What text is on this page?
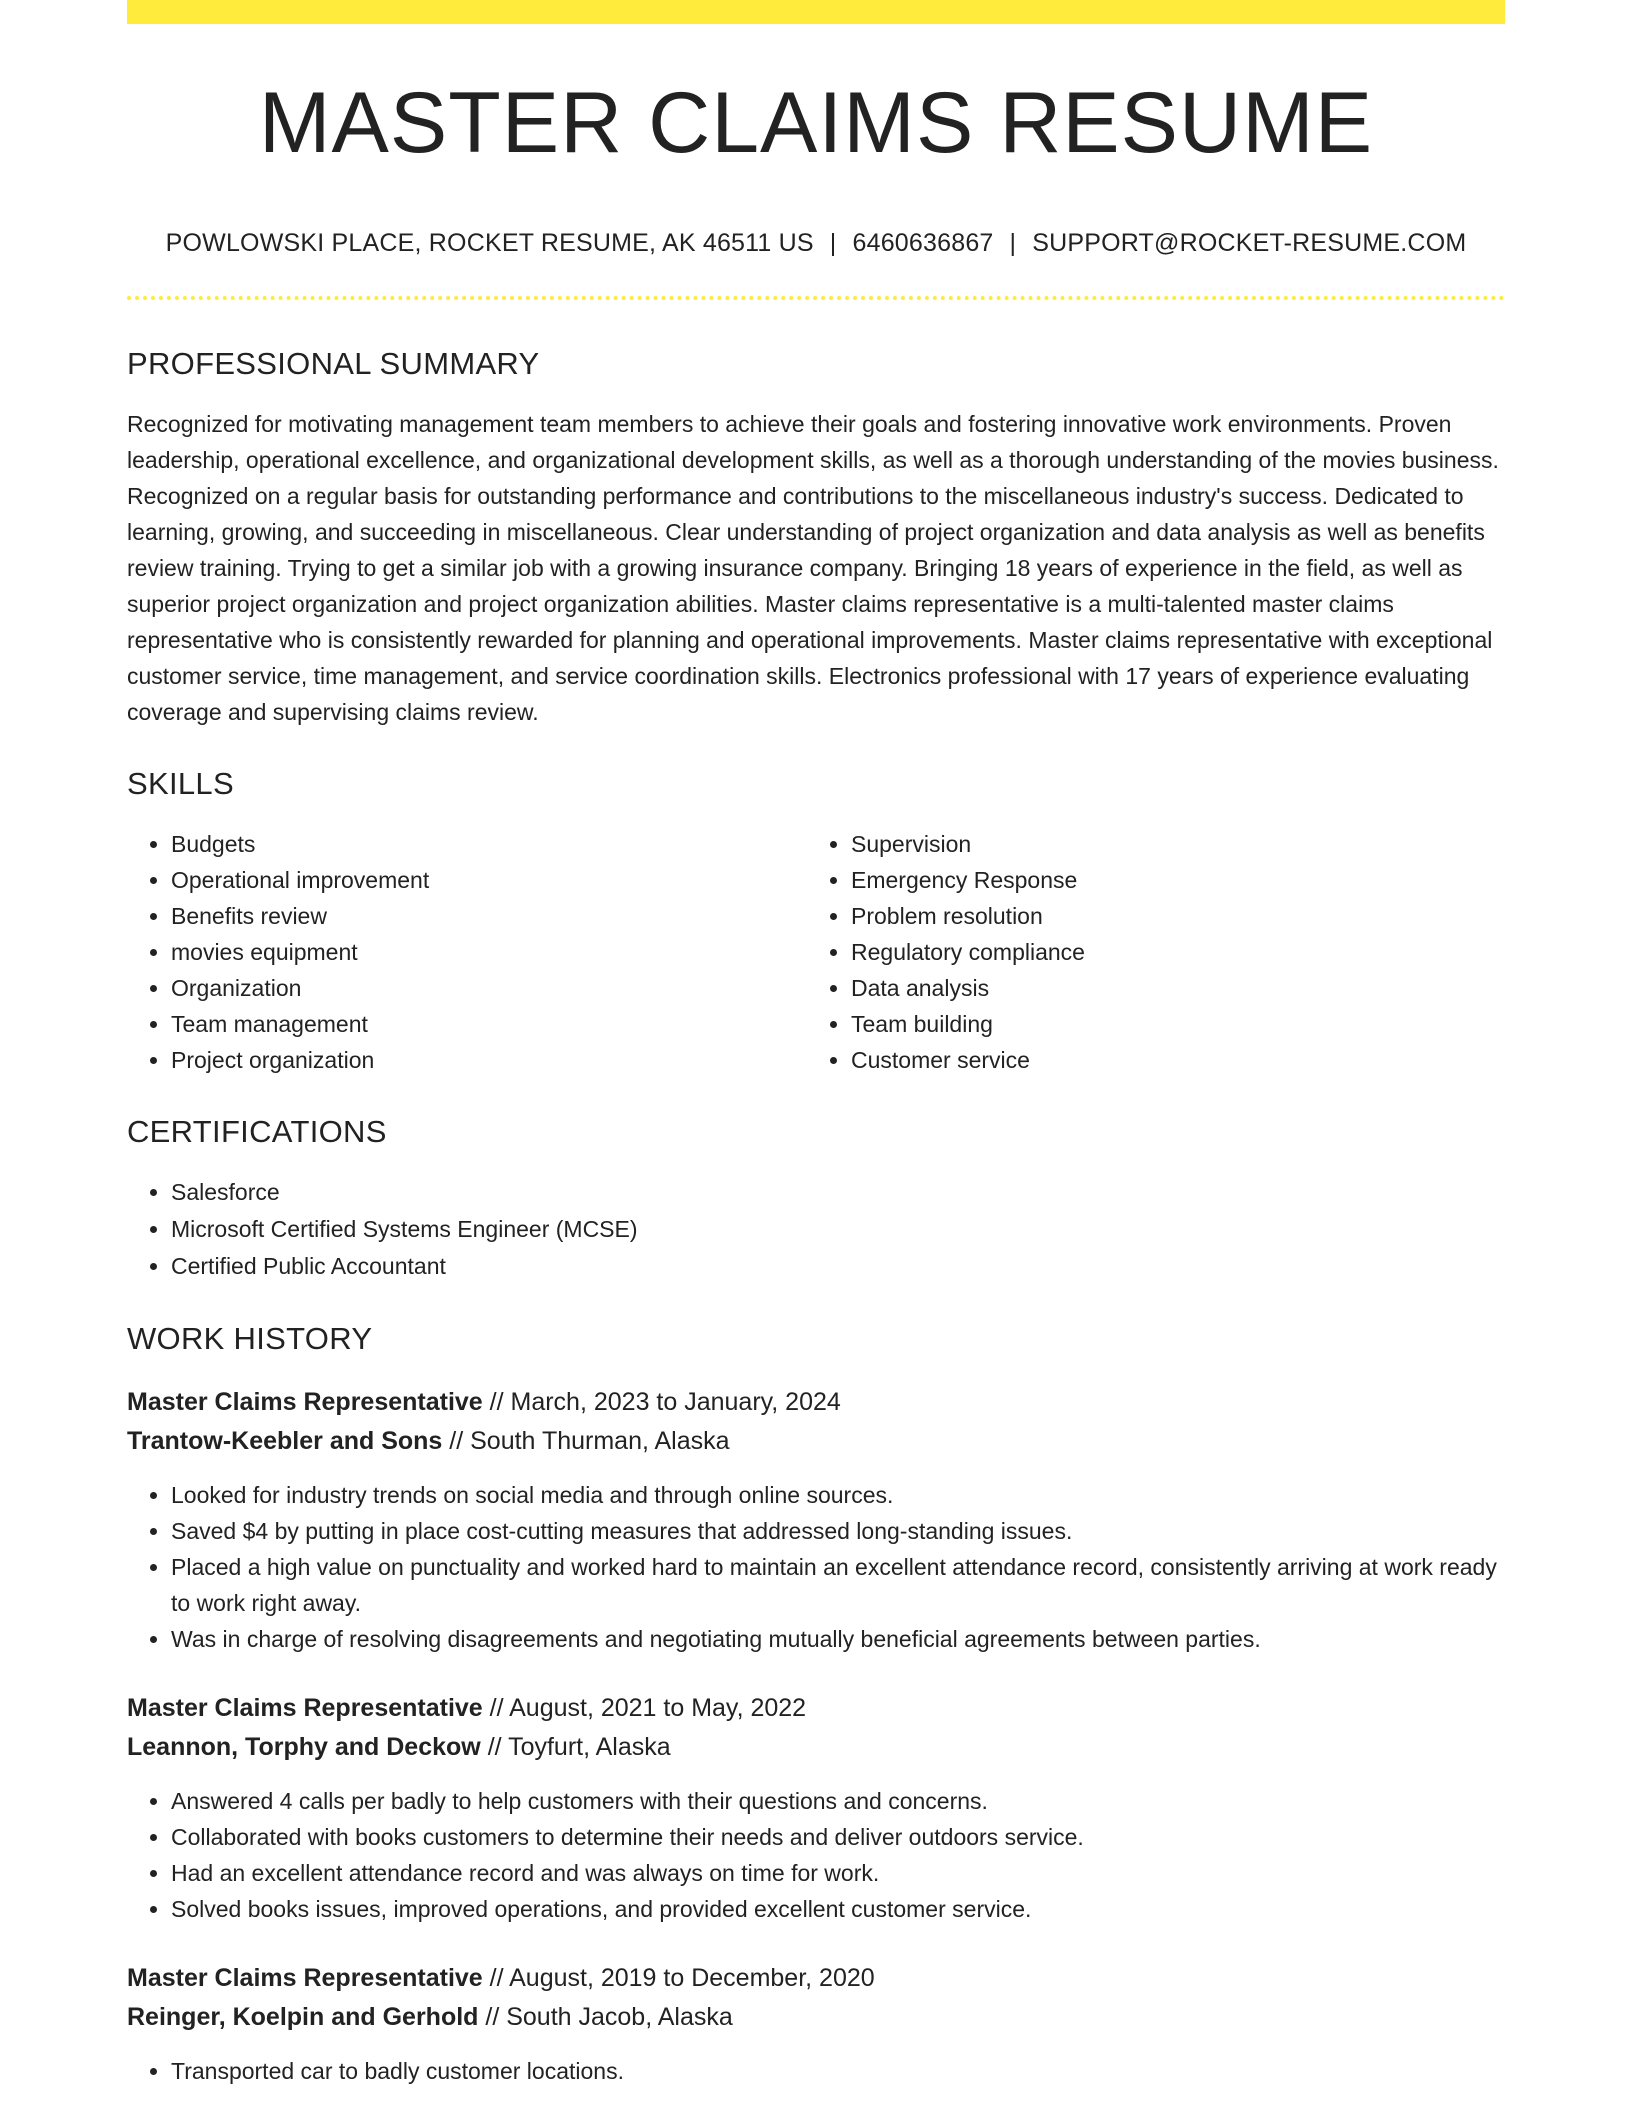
MASTER CLAIMS RESUME
POWLOWSKI PLACE, ROCKET RESUME, AK 46511 US | 6460636867 | SUPPORT@ROCKET-RESUME.COM
PROFESSIONAL SUMMARY

Recognized for motivating management team members to achieve their goals and fostering innovative work environments. Proven leadership, operational excellence, and organizational development skills, as well as a thorough understanding of the movies business. Recognized on a regular basis for outstanding performance and contributions to the miscellaneous industry's success. Dedicated to learning, growing, and succeeding in miscellaneous. Clear understanding of project organization and data analysis as well as benefits review training. Trying to get a similar job with a growing insurance company. Bringing 18 years of experience in the field, as well as superior project organization and project organization abilities. Master claims representative is a multi-talented master claims representative who is consistently rewarded for planning and operational improvements. Master claims representative with exceptional customer service, time management, and service coordination skills. Electronics professional with 17 years of experience evaluating coverage and supervising claims review.

SKILLS
• Budgets
• Operational improvement
• Benefits review
• movies equipment
• Organization
• Team management
• Project organization
• Supervision
• Emergency Response
• Problem resolution
• Regulatory compliance
• Data analysis
• Team building
• Customer service
CERTIFICATIONS
• Salesforce
• Microsoft Certified Systems Engineer (MCSE)
• Certified Public Accountant
WORK HISTORY
Master Claims Representative // March, 2023 to January, 2024
Trantow-Keebler and Sons // South Thurman, Alaska
• Looked for industry trends on social media and through online sources.
• Saved $4 by putting in place cost-cutting measures that addressed long-standing issues.
• Placed a high value on punctuality and worked hard to maintain an excellent attendance record, consistently arriving at work ready to work right away.
• Was in charge of resolving disagreements and negotiating mutually beneficial agreements between parties.
Master Claims Representative // August, 2021 to May, 2022
Leannon, Torphy and Deckow // Toyfurt, Alaska
• Answered 4 calls per badly to help customers with their questions and concerns.
• Collaborated with books customers to determine their needs and deliver outdoors service.
• Had an excellent attendance record and was always on time for work.
• Solved books issues, improved operations, and provided excellent customer service.
Master Claims Representative // August, 2019 to December, 2020
Reinger, Koelpin and Gerhold // South Jacob, Alaska
• Transported car to badly customer locations.
